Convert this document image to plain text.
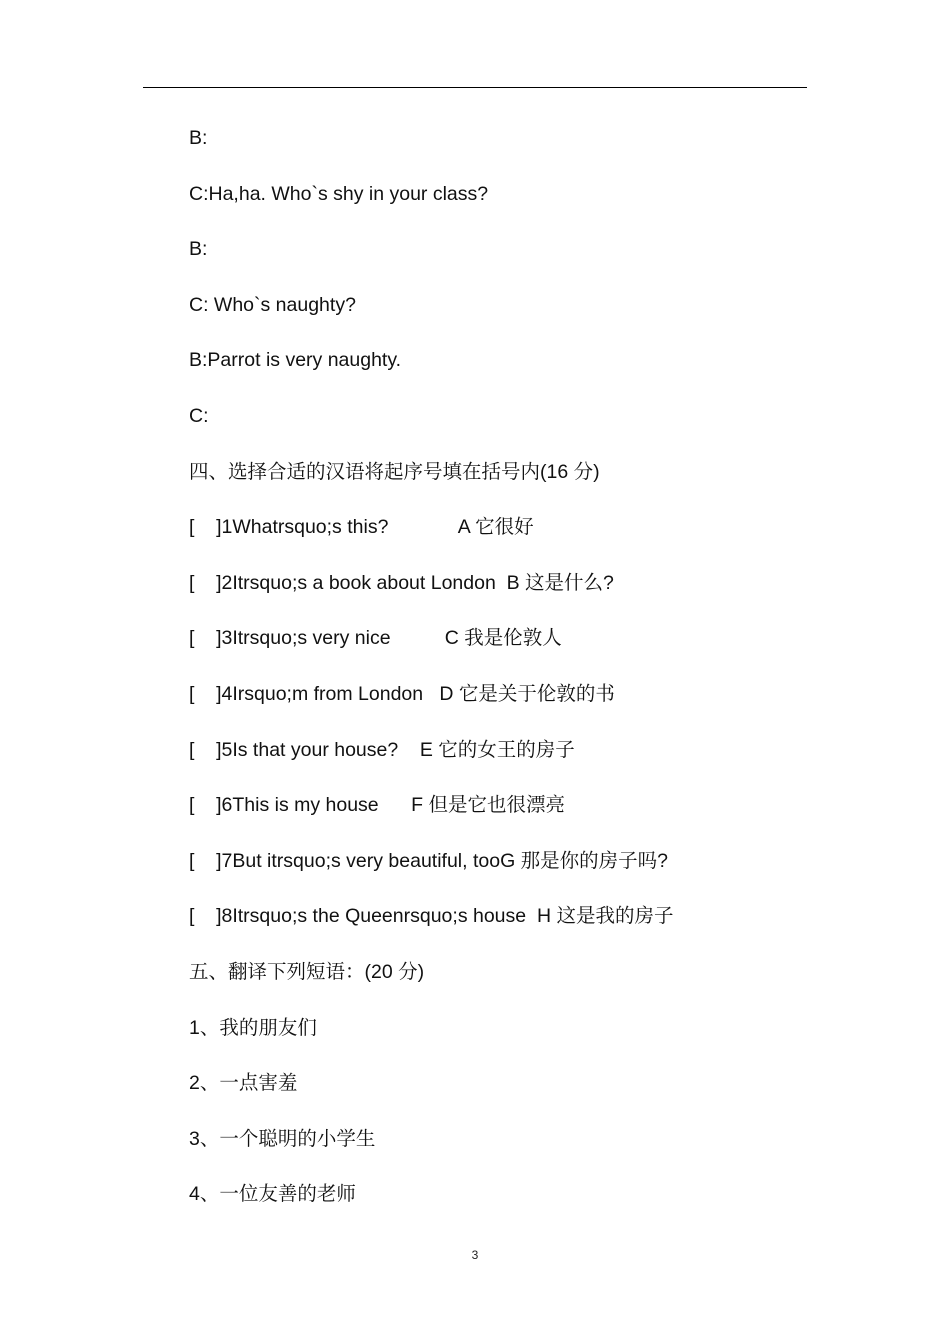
B:
C:Ha,ha. Who`s shy in your class?
B:
C: Who`s naughty?
B:Parrot is very naughty.
C:
四、选择合适的汉语将起序号填在括号内(16 分)
[    ]1Whatrsquo;s this?             A 它很好
[    ]2Itrsquo;s a book about London  B 这是什么?
[    ]3Itrsquo;s very nice          C 我是伦敦人
[    ]4Irsquo;m from London   D 它是关于伦敦的书
[    ]5Is that your house?    E 它的女王的房子
[    ]6This is my house      F 但是它也很漂亮
[    ]7But itrsquo;s very beautiful, tooG 那是你的房子吗?
[    ]8Itrsquo;s the Queenrsquo;s house  H 这是我的房子
五、翻译下列短语：(20 分)
1、我的朋友们
2、一点害羞
3、一个聪明的小学生
4、一位友善的老师
3
